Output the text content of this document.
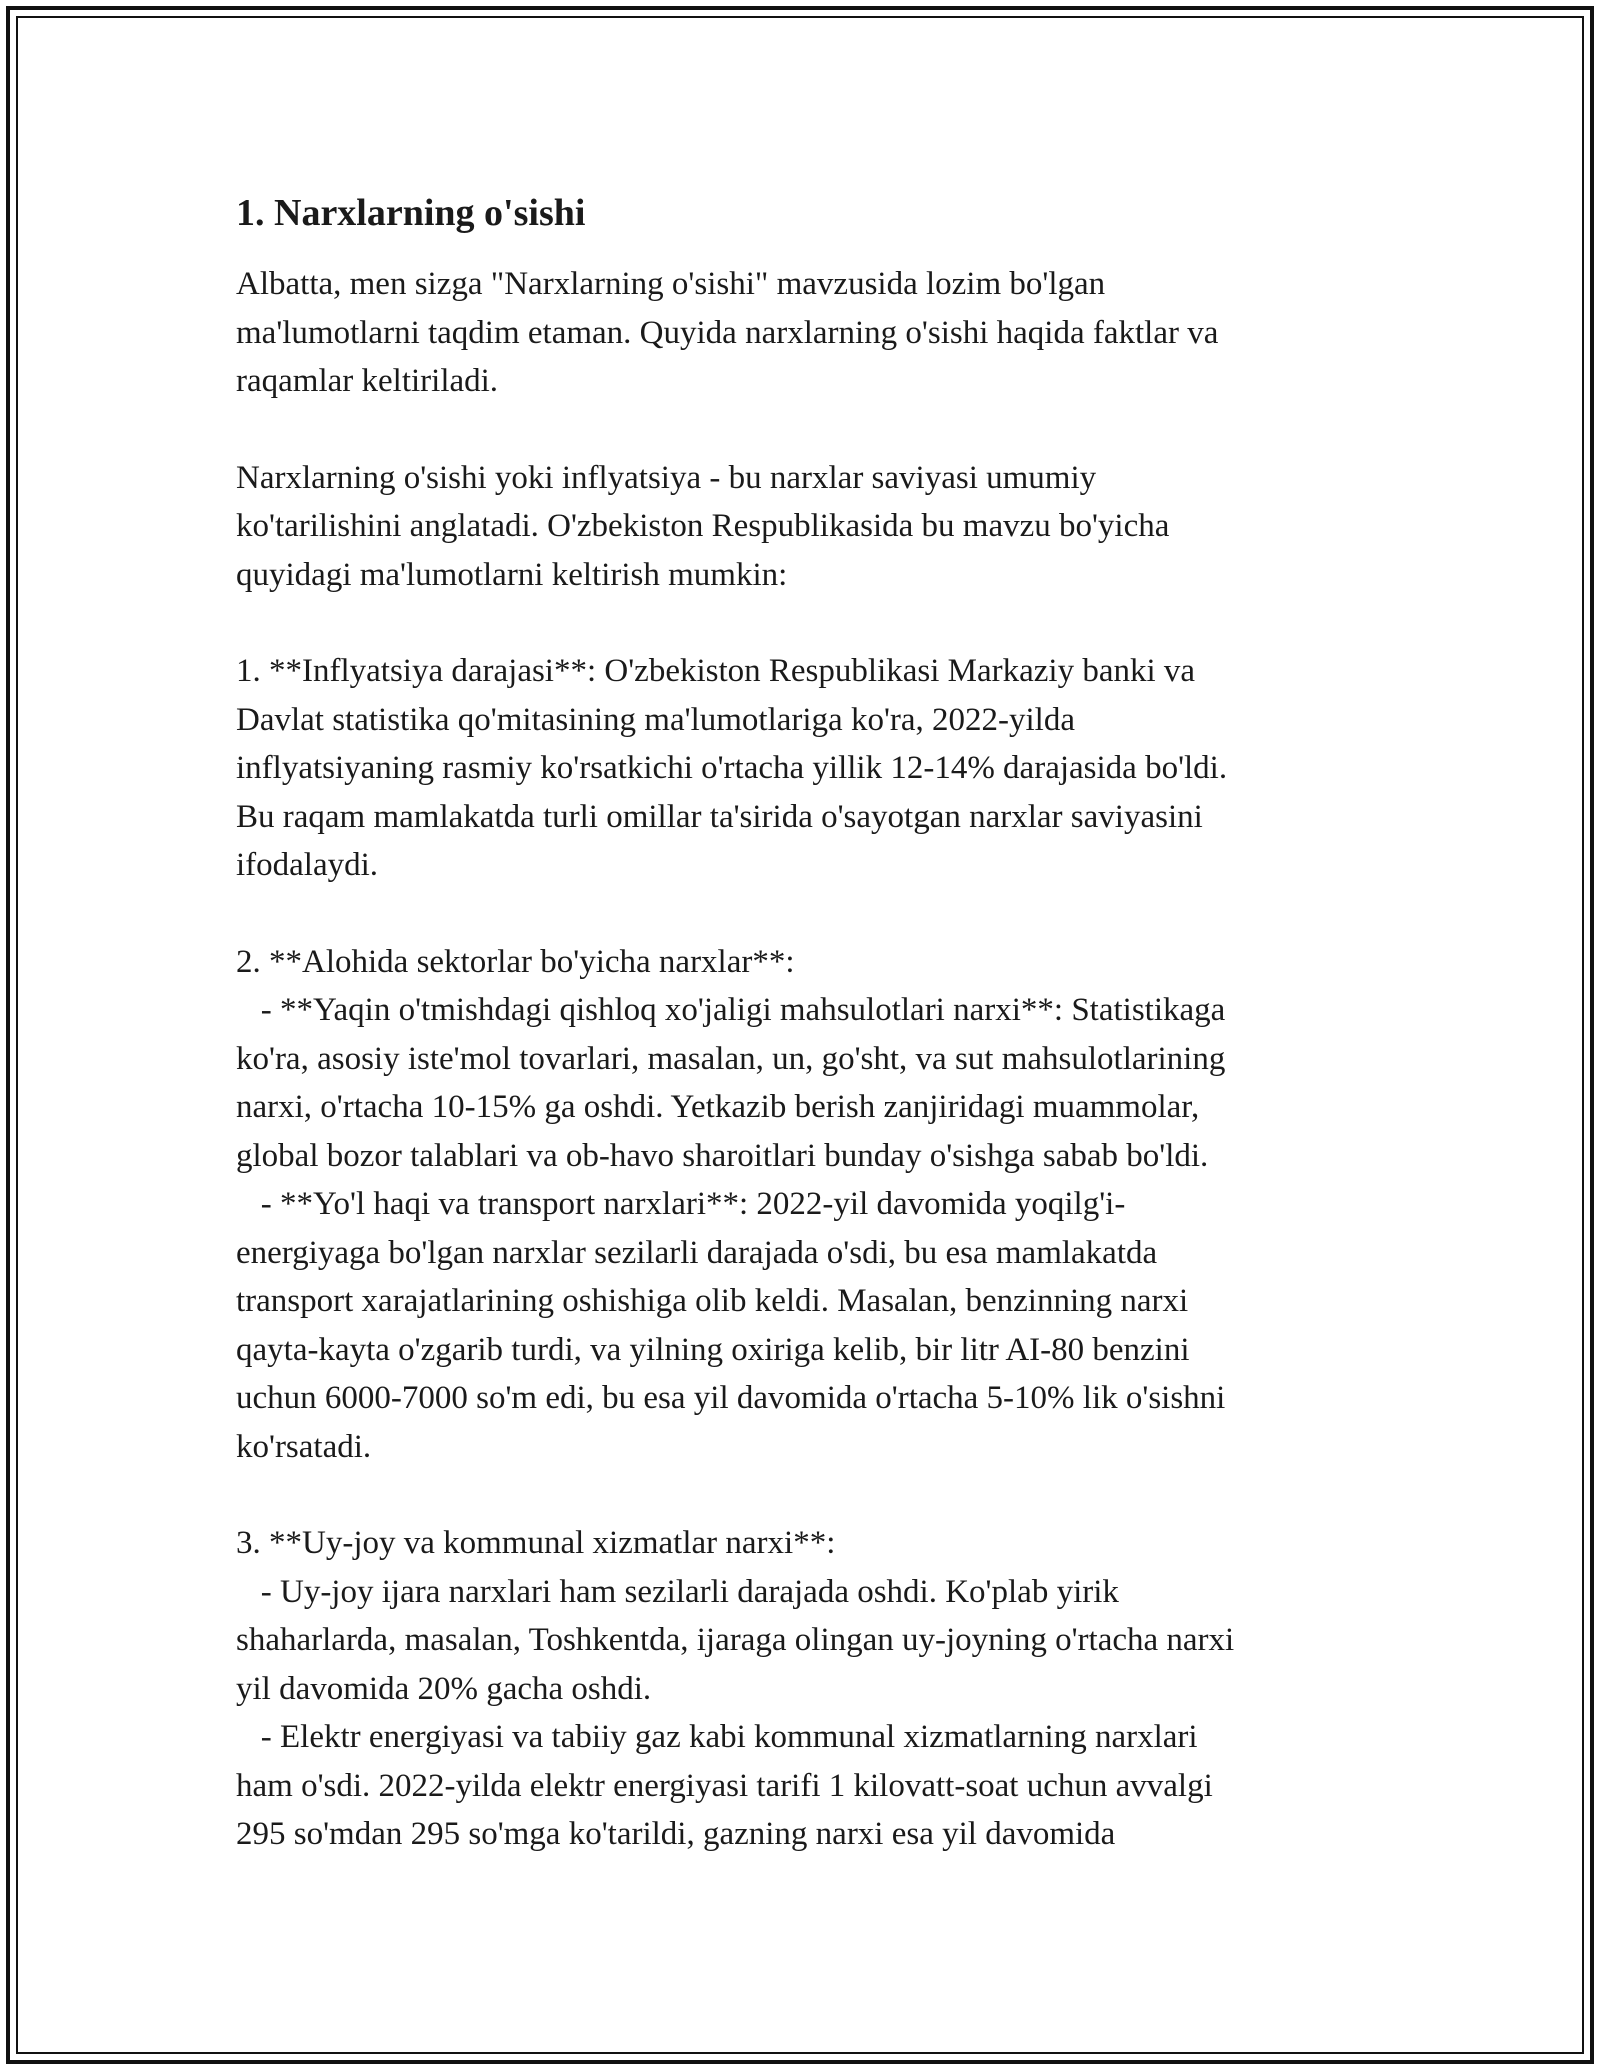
1. Narxlarning o'sishi

Albatta, men sizga "Narxlarning o'sishi" mavzusida lozim bo'lgan
ma'lumotlarni taqdim etaman. Quyida narxlarning o'sishi haqida faktlar va
raqamlar keltiriladi.

Narxlarning o'sishi yoki inflyatsiya - bu narxlar saviyasi umumiy
ko'tarilishini anglatadi. O'zbekiston Respublikasida bu mavzu bo'yicha
quyidagi ma'lumotlarni keltirish mumkin:

1. **Inflyatsiya darajasi**: O'zbekiston Respublikasi Markaziy banki va
Davlat statistika qo'mitasining ma'lumotlariga ko'ra, 2022-yilda
inflyatsiyaning rasmiy ko'rsatkichi o'rtacha yillik 12-14% darajasida bo'ldi.
Bu raqam mamlakatda turli omillar ta'sirida o'sayotgan narxlar saviyasini
ifodalaydi.

2. **Alohida sektorlar bo'yicha narxlar**:
- **Yaqin o'tmishdagi qishloq xo'jaligi mahsulotlari narxi**: Statistikaga
ko'ra, asosiy iste'mol tovarlari, masalan, un, go'sht, va sut mahsulotlarining
narxi, o'rtacha 10-15% ga oshdi. Yetkazib berish zanjiridagi muammolar,
global bozor talablari va ob-havo sharoitlari bunday o'sishga sabab bo'ldi.
- **Yo'l haqi va transport narxlari**: 2022-yil davomida yoqilg'i-
energiyaga bo'lgan narxlar sezilarli darajada o'sdi, bu esa mamlakatda
transport xarajatlarining oshishiga olib keldi. Masalan, benzinning narxi
qayta-kayta o'zgarib turdi, va yilning oxiriga kelib, bir litr AI-80 benzini
uchun 6000-7000 so'm edi, bu esa yil davomida o'rtacha 5-10% lik o'sishni
ko'rsatadi.

3. **Uy-joy va kommunal xizmatlar narxi**:
- Uy-joy ijara narxlari ham sezilarli darajada oshdi. Ko'plab yirik
shaharlarda, masalan, Toshkentda, ijaraga olingan uy-joyning o'rtacha narxi
yil davomida 20% gacha oshdi.
- Elektr energiyasi va tabiiy gaz kabi kommunal xizmatlarning narxlari
ham o'sdi. 2022-yilda elektr energiyasi tarifi 1 kilovatt-soat uchun avvalgi
295 so'mdan 295 so'mga ko'tarildi, gazning narxi esa yil davomida
